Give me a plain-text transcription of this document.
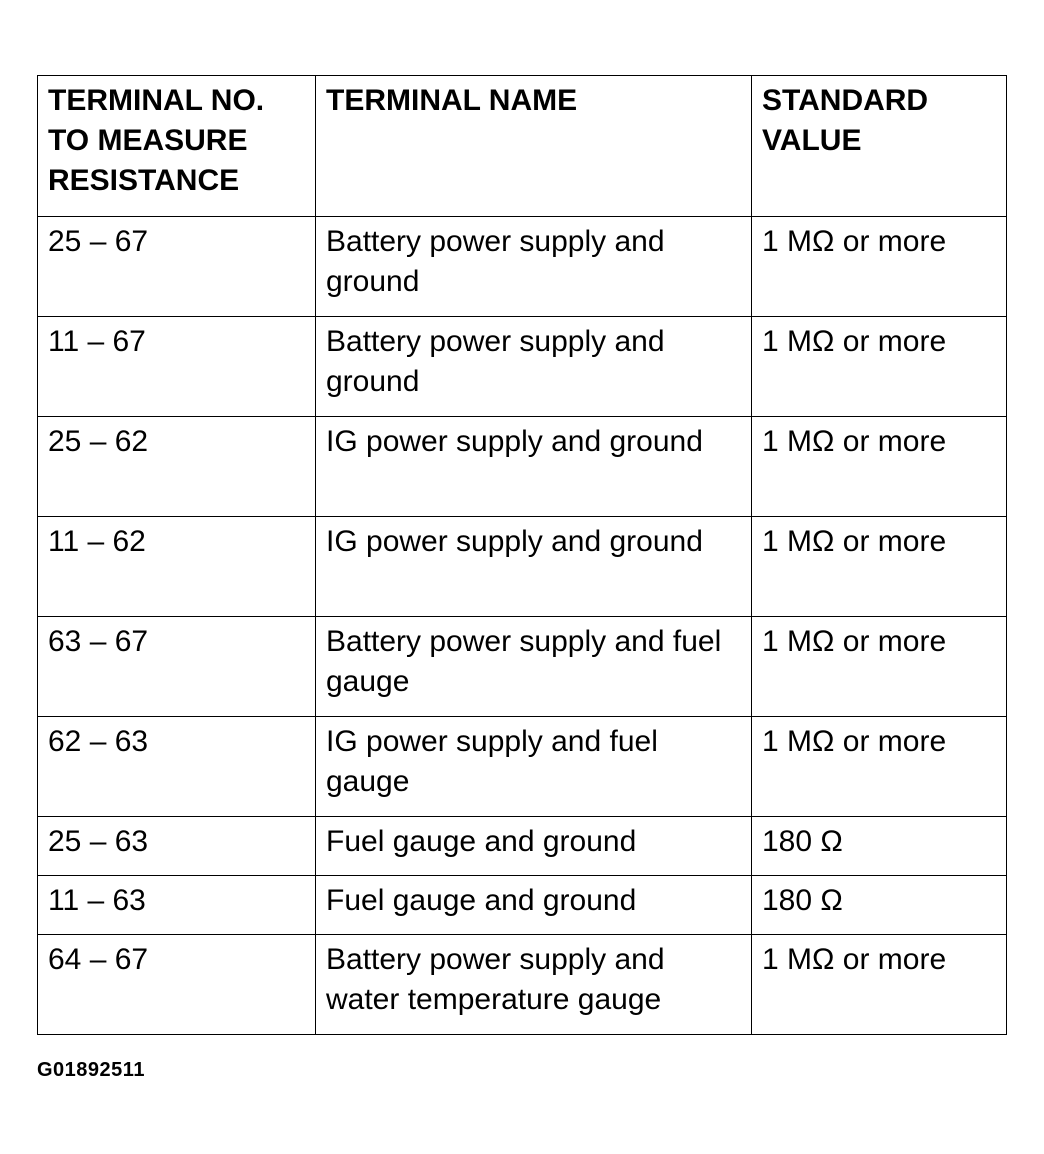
TERMINAL NO. TO MEASURE RESISTANCE	TERMINAL NAME	STANDARD VALUE
25 – 67	Battery power supply and ground	1 MΩ or more
11 – 67	Battery power supply and ground	1 MΩ or more
25 – 62	IG power supply and ground	1 MΩ or more
11 – 62	IG power supply and ground	1 MΩ or more
63 – 67	Battery power supply and fuel gauge	1 MΩ or more
62 – 63	IG power supply and fuel gauge	1 MΩ or more
25 – 63	Fuel gauge and ground	180 Ω
11 – 63	Fuel gauge and ground	180 Ω
64 – 67	Battery power supply and water temperature gauge	1 MΩ or more
G01892511
